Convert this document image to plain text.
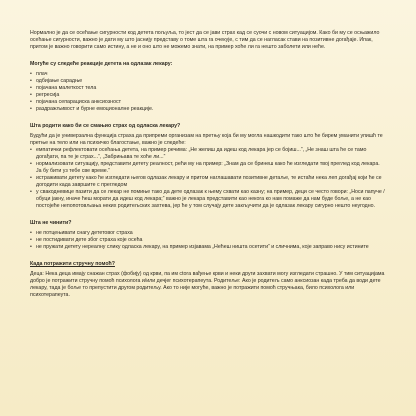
Нормално је да се осећање сигурности код детета пољуља, то јест да се јави страх кад се суочи с новом ситуацијом. Како би му се осњажило осећање сигурности, важно је дати му што јаснију представу о томе шта га очекује, с тим да се нагласак стави на позитивне догађаје. Ипак, притом је важно говорити само истину, а не и оно што не можемо знати, на пример хоће ли га нешто заболети или неће.

Могуће су следеће реакције детета на одлазак лекару:

• плач
• одбијање сарадње
• појачана малеткост тела
• регресија
• појачана сепарациска анксиозност
• раздражљивост и бурне емоционалне реакције.

Шта родити како би се смањио страх од одласка лекару?

Будући да је универзална функција страха да припреми организам на претњу која би му могла нашкодити тако што ће бирем уманити упишћ те претње на тело или на психичко благостање, важно је следеће:

• емпатички рефлектовати осећања детета, на пример речима: „Не желиш да идеш код лекара јер се бојиш...“, „Не знаш шта ће се тамо догађати, па те је страх...“, „Забрињава те хоће ли...“
• нормализовати ситуацију, представити детету реалност, рећи му на пример: „Знам да се бринеш како ће изгледати твој преглед код лекара. Ја бу бити уз тебе све време.“
• истраживати детету како ће изгледати његов одлазак лекару и притом наглашавати позитивне детаље, те истаћи нека леп догађај који ће се догодити када завршите с прегледом
• у свакодневице пазити да се лекар не помиње тако да дете одлазак к њему схвати као казну; на пример, деци се често говори: „Носи папуче / обуци јакну, иначе ћеш морати да идеш код лекара;“ важно је лекара представити као некога ко нам помаже да нам буде боље, а не као постојеће непопотовљања неких родитељских захтева, јер ће у том случају дете закључити да је одлазак лекару сигурно нешто неугодно.

Шта не чинити?

• не потцењивати снагу дететовог страха
• не постидивати дете због страха које осећа
• не пружати детету нереалну слику одласка лекару, на пример изјавама „Нећеш ништа осетити“ и сличнима, које заправо нису истините

Када потражити стручну помоћ?

Деца: Нека деца имају снажан страх (фобију) од крви, па им сtoга вађење крви и неки други захвати могу изгледати страшно. У тим ситуацијама добро је потражити стручну помоћ психолога и/или дечјег психотерапеута. Родитеље: Ако је родитељ само анксиозан када треба да води дете лекару, тада је боље то препустити другом родитељу. Ако то није могуће, важно је потражити помоћ стручњака, било психолога или психотерапеута.
